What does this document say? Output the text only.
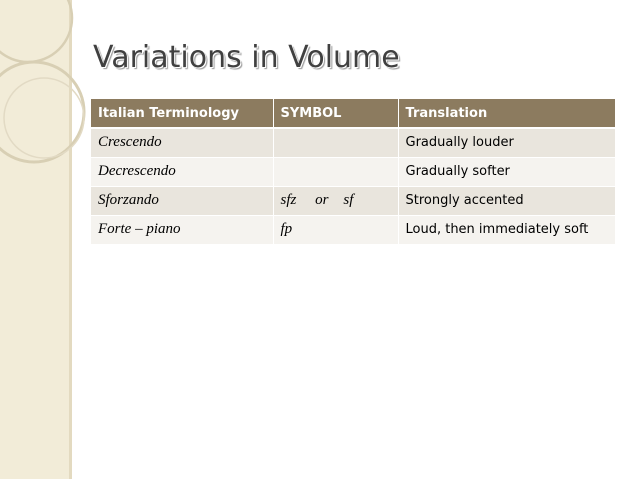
Variations in Volume
Italian Terminology	SYMBOL	Translation
Crescendo		Gradually louder
Decrescendo		Gradually softer
Sforzando	sfz     or    sf	Strongly accented
Forte – piano	fp	Loud, then immediately soft
